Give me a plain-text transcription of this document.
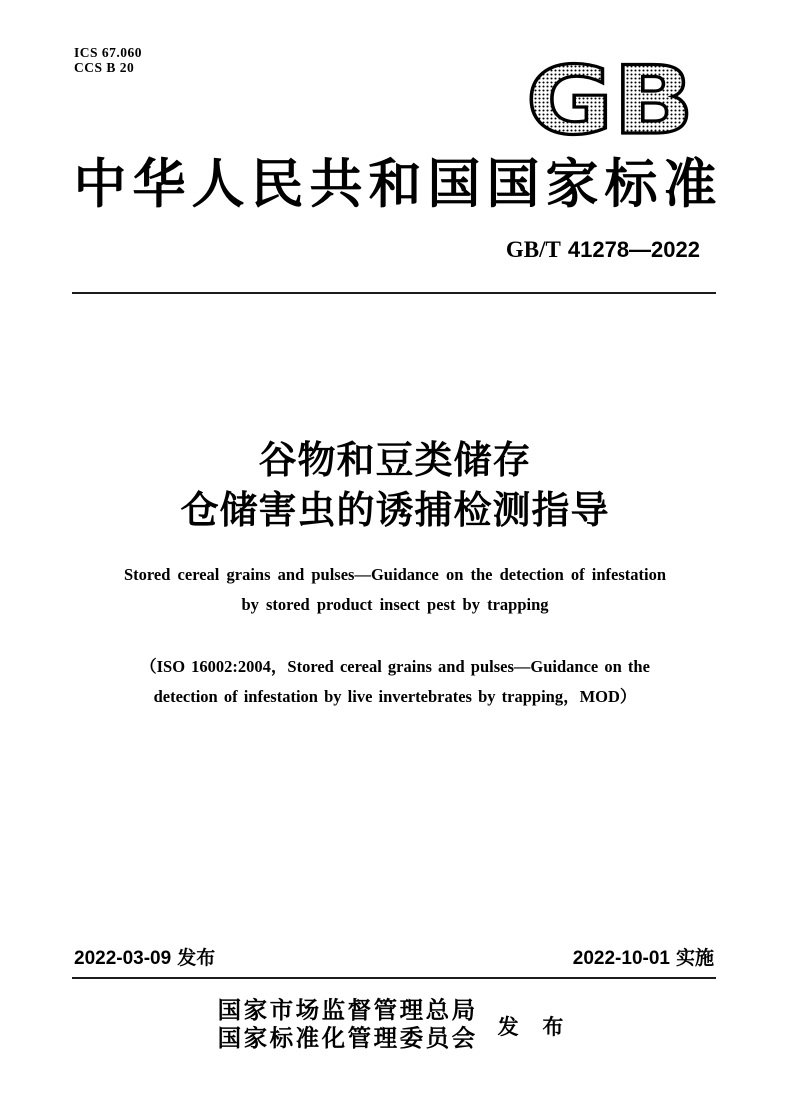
ICS 67.060
CCS B 20	GB
中华人民共和国国家标准
GB/T 41278—2022
谷物和豆类储存
仓储害虫的诱捕检测指导
Stored cereal grains and pulses—Guidance on the detection of infestation
by stored product insect pest by trapping
（ISO 16002:2004，Stored cereal grains and pulses—Guidance on the
detection of infestation by live invertebrates by trapping，MOD）
2022-03-09 发布	2022-10-01 实施
国家市场监督管理总局
国家标准化管理委员会 发 布
